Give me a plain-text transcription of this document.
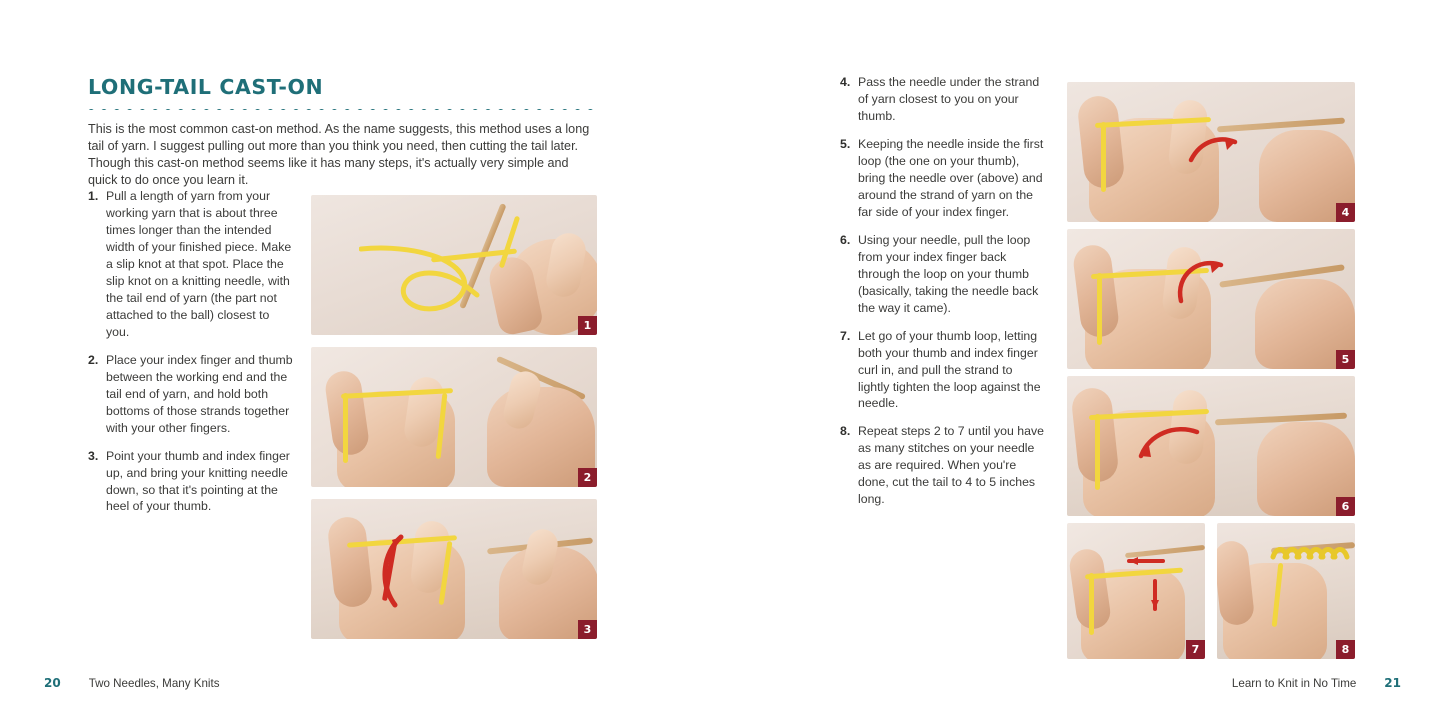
LONG-TAIL CAST-ON

This is the most common cast-on method. As the name suggests, this method uses a long tail of yarn. I suggest pulling out more than you think you need, then cutting the tail later. Though this cast-on method seems like it has many steps, it's actually very simple and quick to do once you learn it.

1. Pull a length of yarn from your working yarn that is about three times longer than the intended width of your finished piece. Make a slip knot at that spot. Place the slip knot on a knitting needle, with the tail end of yarn (the part not attached to the ball) closest to you.
2. Place your index finger and thumb between the working end and the tail end of yarn, and hold both bottoms of those strands together with your other fingers.
3. Point your thumb and index finger up, and bring your knitting needle down, so that it's pointing at the heel of your thumb.
1
2
3
20 Two Needles, Many Knits
4. Pass the needle under the strand of yarn closest to you on your thumb.
5. Keeping the needle inside the first loop (the one on your thumb), bring the needle over (above) and around the strand of yarn on the far side of your index finger.
6. Using your needle, pull the loop from your index finger back through the loop on your thumb (basically, taking the needle back the way it came).
7. Let go of your thumb loop, letting both your thumb and index finger curl in, and pull the strand to lightly tighten the loop against the needle.
8. Repeat steps 2 to 7 until you have as many stitches on your needle as are required. When you're done, cut the tail to 4 to 5 inches long.
4
5
6
7	8
Learn to Knit in No Time 21
